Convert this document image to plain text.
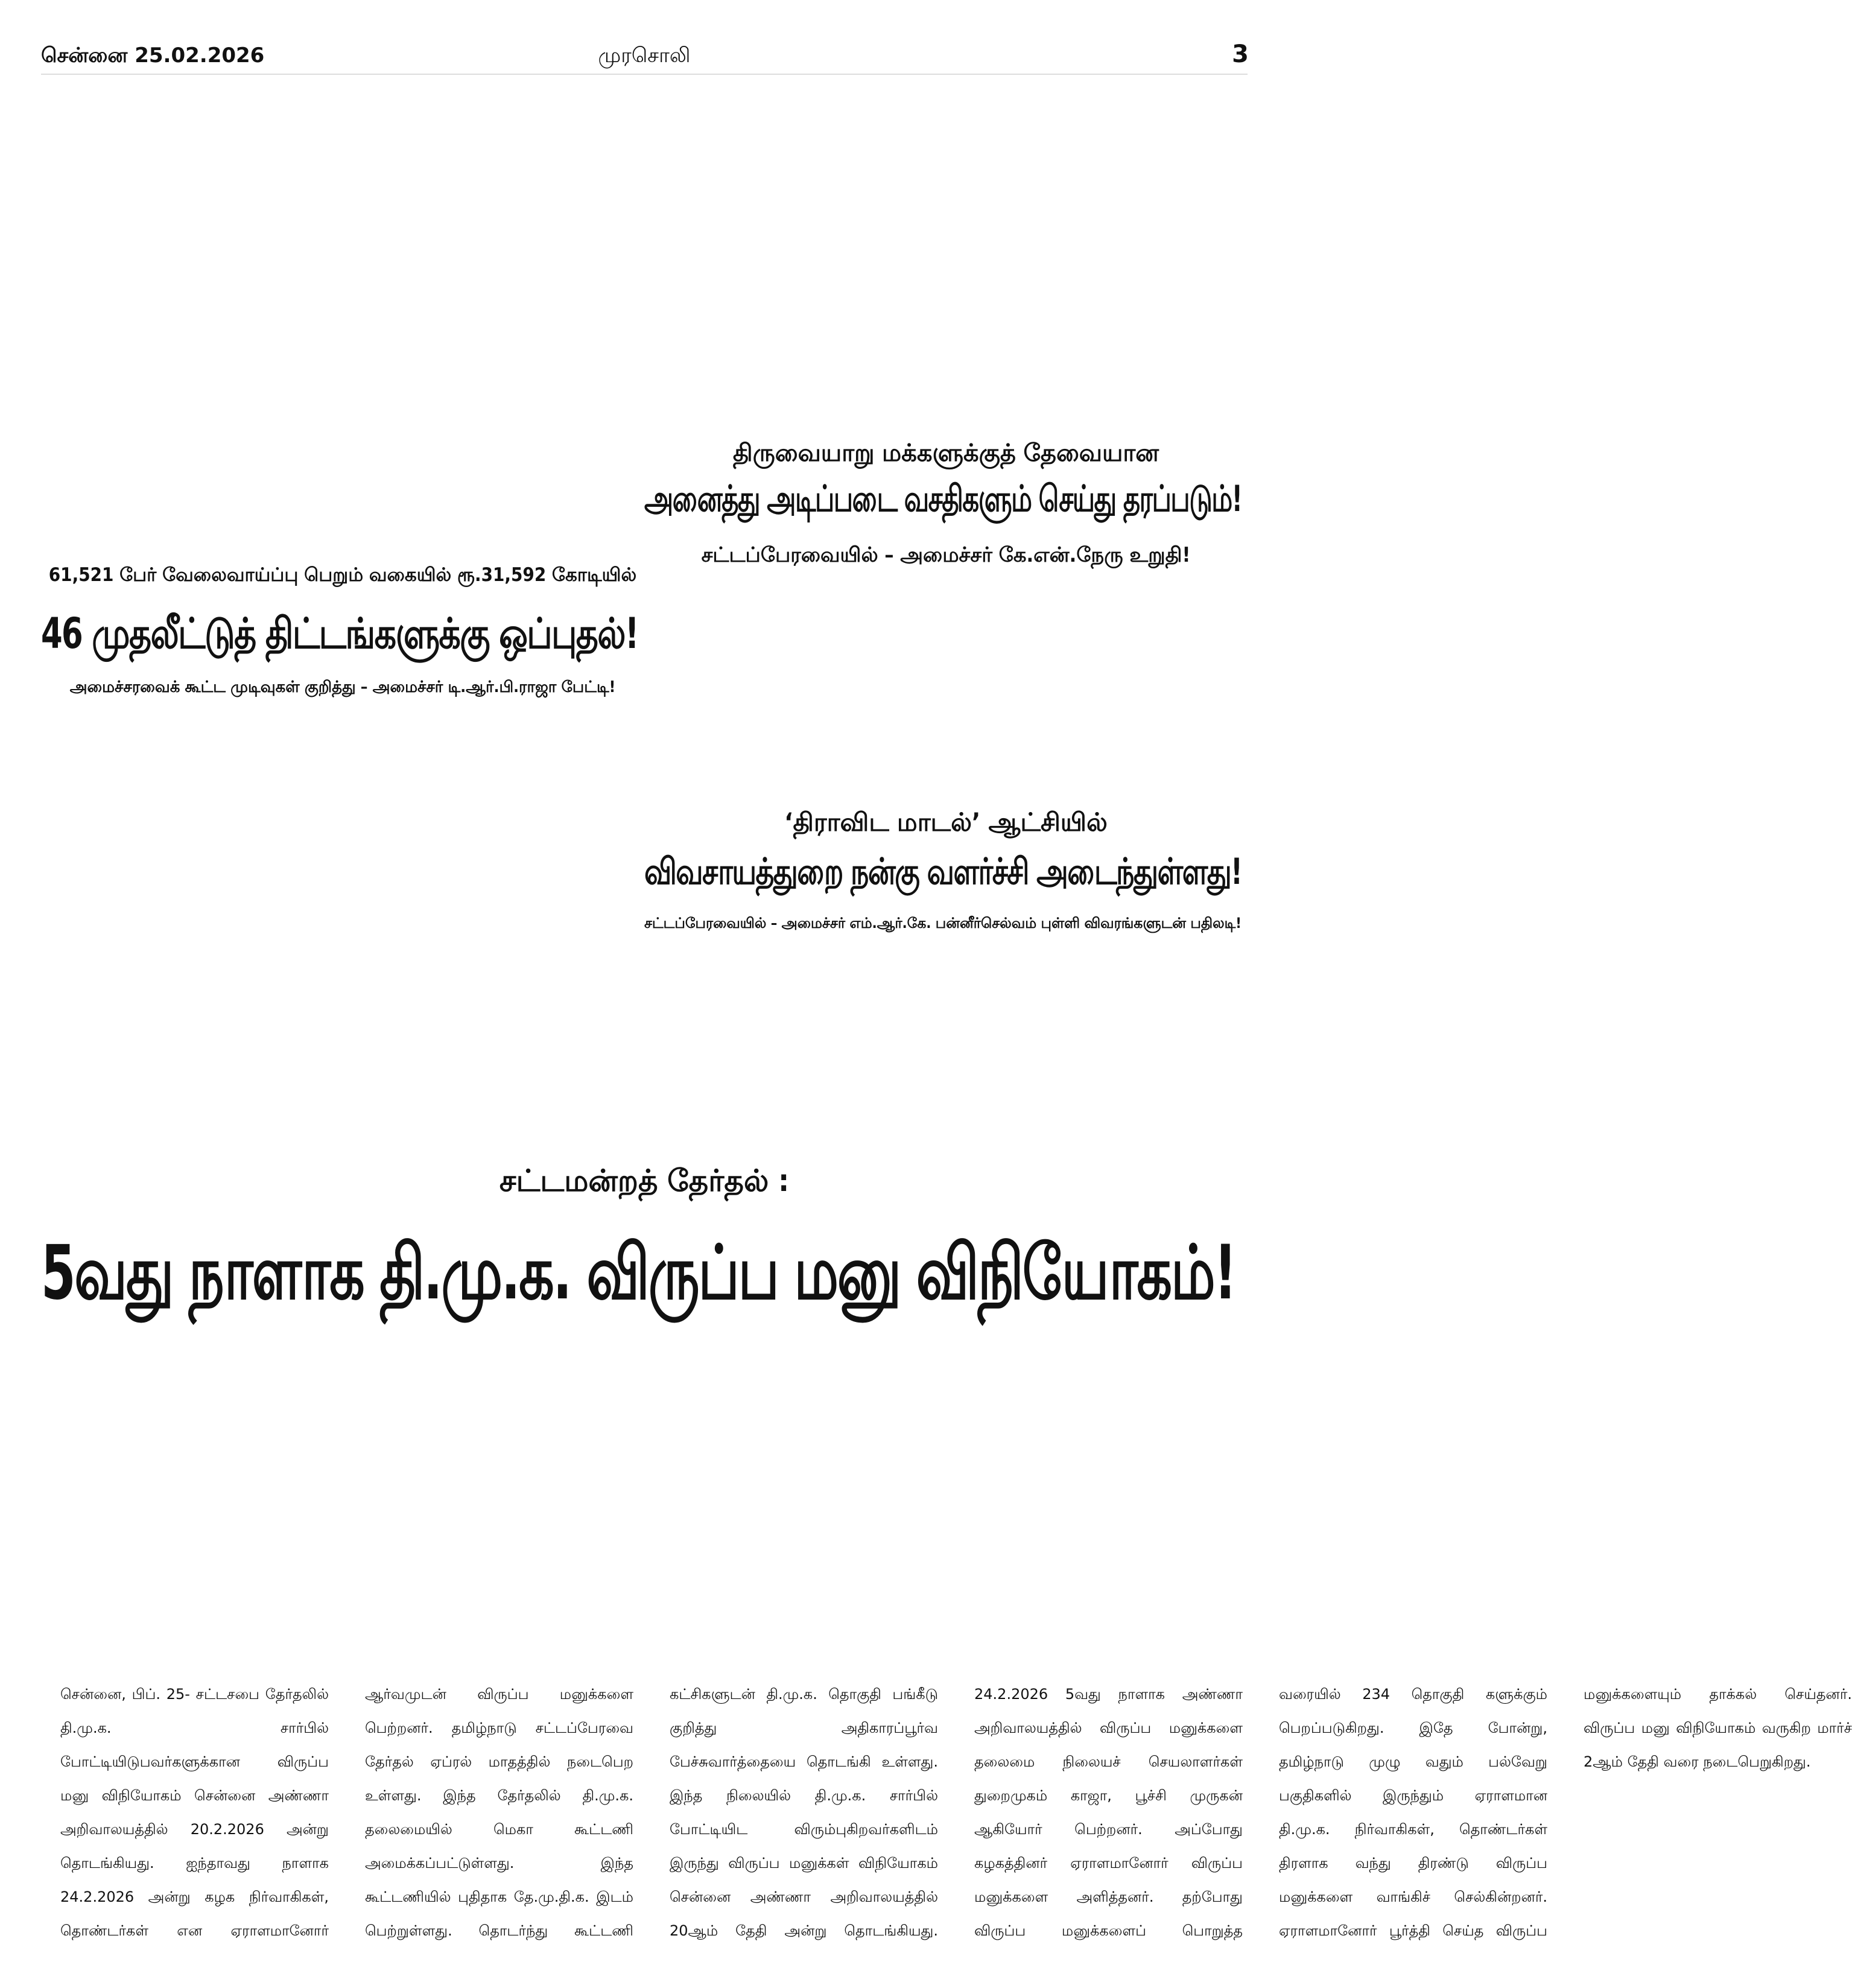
சென்னை 25.02.2026	முரசொலி	3
திருவையாறு மக்களுக்குத் தேவையான
அனைத்து அடிப்படை வசதிகளும் செய்து தரப்படும்!
சட்டப்பேரவையில் – அமைச்சர் கே.என்.நேரு உறுதி!
61,521 பேர் வேலைவாய்ப்பு பெறும் வகையில் ரூ.31,592 கோடியில்
46 முதலீட்டுத் திட்டங்களுக்கு ஒப்புதல்!
அமைச்சரவைக் கூட்ட முடிவுகள் குறித்து – அமைச்சர் டி.ஆர்.பி.ராஜா பேட்டி!
‘திராவிட மாடல்’ ஆட்சியில்
விவசாயத்துறை நன்கு வளர்ச்சி அடைந்துள்ளது!
சட்டப்பேரவையில் – அமைச்சர் எம்.ஆர்.கே. பன்னீர்செல்வம் புள்ளி விவரங்களுடன் பதிலடி!
சட்டமன்றத் தேர்தல் :
5வது நாளாக தி.மு.க. விருப்ப மனு விநியோகம்!
சென்னை, பிப். 25- சட்டசபை தேர்தலில் தி.மு.க. சார்பில் போட்டியிடுபவர்களுக்கான விருப்ப மனு விநியோகம் சென்னை அண்ணா அறிவாலயத்தில் 20.2.2026 அன்று தொடங்கியது. ஐந்தாவது நாளாக 24.2.2026 அன்று கழக நிர்வாகிகள், தொண்டர்கள் என ஏராளமானோர் ஆர்வமுடன் விருப்ப மனுக்களை பெற்றனர். தமிழ்நாடு சட்டப்பேரவை தேர்தல் ஏப்ரல் மாதத்தில் நடைபெற உள்ளது. இந்த தேர்தலில் தி.மு.க. தலைமையில் மெகா கூட்டணி அமைக்கப்பட்டுள்ளது. இந்த கூட்டணியில் புதிதாக தே.மு.தி.க. இடம் பெற்றுள்ளது. தொடர்ந்து கூட்டணி கட்சிகளுடன் தி.மு.க. தொகுதி பங்கீடு குறித்து அதிகாரப்பூர்வ பேச்சுவார்த்தையை தொடங்கி உள்ளது. இந்த நிலையில் தி.மு.க. சார்பில் போட்டியிட விரும்புகிறவர்களிடம் இருந்து விருப்ப மனுக்கள் விநியோகம் சென்னை அண்ணா அறிவாலயத்தில் 20ஆம் தேதி அன்று தொடங்கியது. 24.2.2026 5வது நாளாக அண்ணா அறிவாலயத்தில் விருப்ப மனுக்களை தலைமை நிலையச் செயலாளர்கள் துறைமுகம் காஜா, பூச்சி முருகன் ஆகியோர் பெற்றனர். அப்போது கழகத்தினர் ஏராளமானோர் விருப்ப மனுக்களை அளித்தனர். தற்போது விருப்ப மனுக்களைப் பொறுத்த வரையில் 234 தொகுதி களுக்கும் பெறப்படுகிறது. இதே போன்று, தமிழ்நாடு முழு வதும் பல்வேறு பகுதிகளில் இருந்தும் ஏராளமான தி.மு.க. நிர்வாகிகள், தொண்டர்கள் திரளாக வந்து திரண்டு விருப்ப மனுக்களை வாங்கிச் செல்கின்றனர். ஏராளமானோர் பூர்த்தி செய்த விருப்ப மனுக்களையும் தாக்கல் செய்தனர். விருப்ப மனு விநியோகம் வருகிற மார்ச் 2ஆம் தேதி வரை நடைபெறுகிறது.
